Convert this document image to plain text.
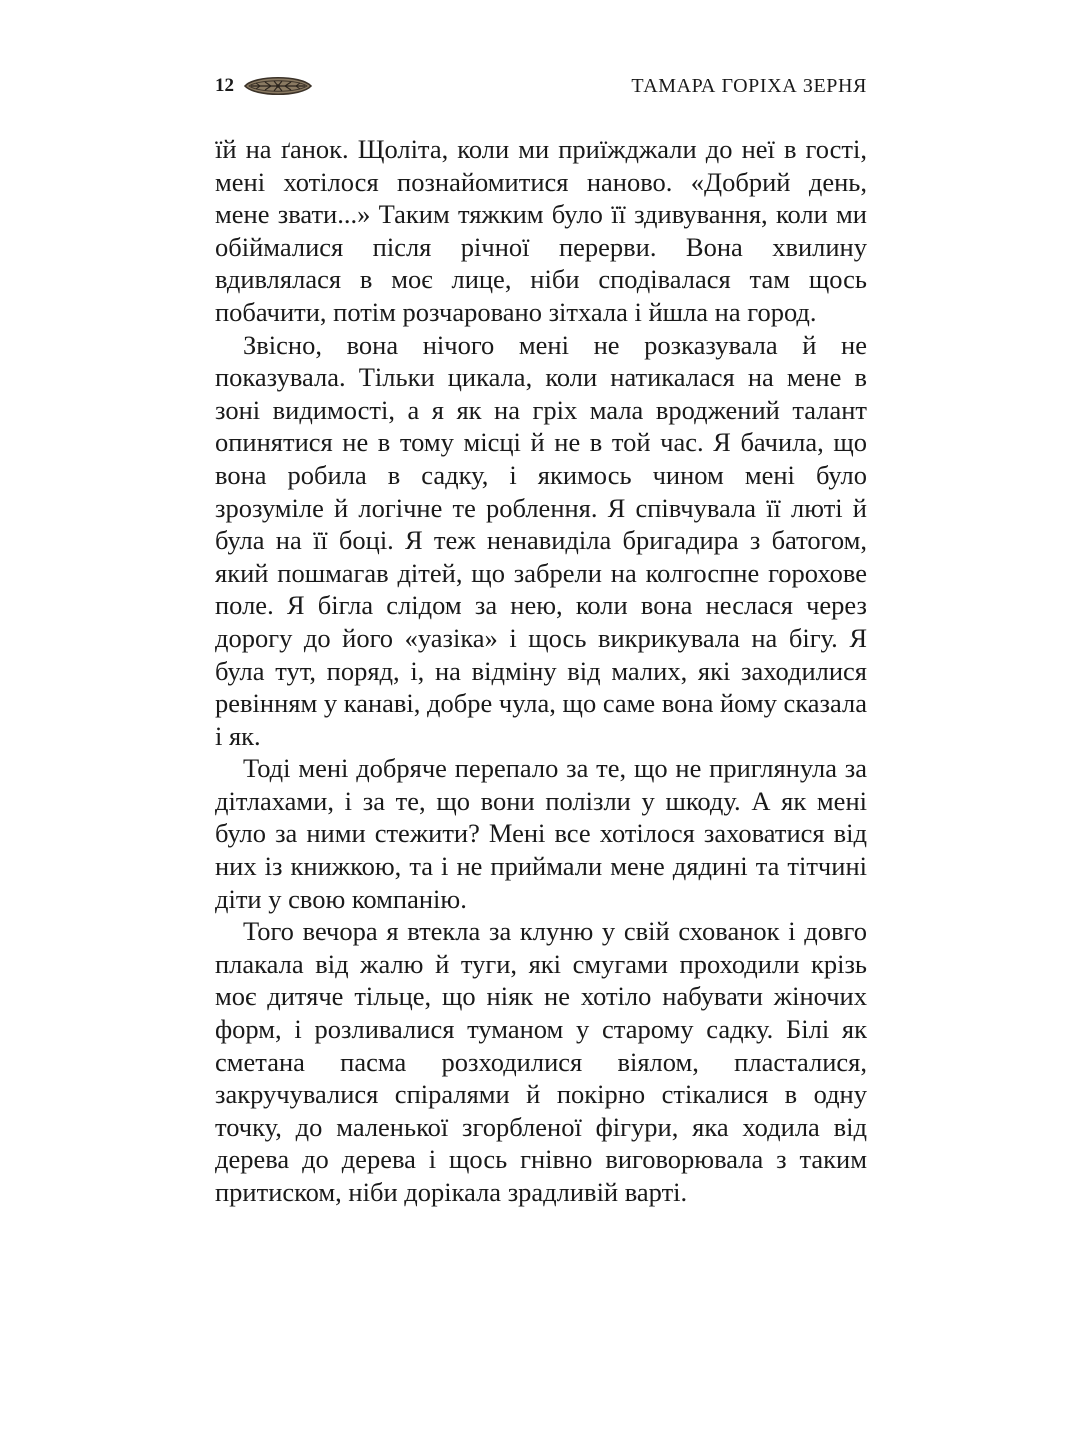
12	ТАМАРА ГОРІХА ЗЕРНЯ

їй на ґанок. Щоліта, коли ми приїжджали до неї в гості, мені хотілося познайомитися наново. «Добрий день, мене звати...» Таким тяжким було її здивування, коли ми обіймалися після річної перерви. Вона хвилину вдивлялася в моє лице, ніби сподівалася там щось побачити, потім розчаровано зітхала і йшла на город.

Звісно, вона нічого мені не розказувала й не показувала. Тільки цикала, коли натикалася на мене в зоні видимості, а я як на гріх мала вроджений талант опинятися не в тому місці й не в той час. Я бачила, що вона робила в садку, і якимось чином мені було зрозуміле й логічне те роблення. Я співчувала її люті й була на її боці. Я теж ненавиділа бригадира з батогом, який пошмагав дітей, що забрели на колгоспне горохове поле. Я бігла слідом за нею, коли вона неслася через дорогу до його «уазіка» і щось викрикувала на бігу. Я була тут, поряд, і, на відміну від малих, які заходилися ревінням у канаві, добре чула, що саме вона йому сказала і як.

Тоді мені добряче перепало за те, що не приглянула за дітлахами, і за те, що вони полізли у шкоду. А як мені було за ними стежити? Мені все хотілося заховатися від них із книжкою, та і не приймали мене дядині та тітчині діти у свою компанію.

Того вечора я втекла за клуню у свій схованок і довго плакала від жалю й туги, які смугами проходили крізь моє дитяче тільце, що ніяк не хотіло набувати жіночих форм, і розливалися туманом у старому садку. Білі як сметана пасма розходилися віялом, пласталися, закручувалися спіралями й покірно стікалися в одну точку, до маленької згорбленої фігури, яка ходила від дерева до дерева і щось гнівно виговорювала з таким притиском, ніби дорікала зрадливій варті.
